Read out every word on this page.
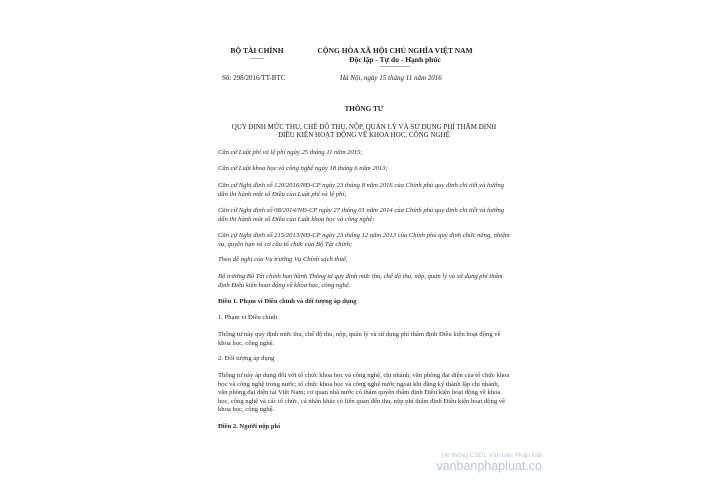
BỘ TÀI CHÍNH
-------
CỘNG HÒA XÃ HỘI CHỦ NGHĨA VIỆT NAM
Độc lập - Tự do - Hạnh phúc
---------------
Số: 298/2016/TT-BTC	Hà Nội, ngày 15 tháng 11 năm 2016
THÔNG TƯ
QUY ĐỊNH MỨC THU, CHẾ ĐỘ THU, NỘP, QUẢN LÝ VÀ SỬ DỤNG PHÍ THẨM ĐỊNH
ĐIỀU KIỆN HOẠT ĐỘNG VỀ KHOA HỌC, CÔNG NGHỆ
Căn cứ Luật phí và lệ phí ngày 25 tháng 11 năm 2015;
Căn cứ Luật khoa học và công nghệ ngày 18 tháng 6 năm 2013;
Căn cứ Nghị định số 120/2016/NĐ-CP ngày 23 tháng 8 năm 2016 của Chính phủ quy định chi tiết và hướng dẫn thi hành một số Điều của Luật phí và lệ phí;
Căn cứ Nghị định số 08/2014/NĐ-CP ngày 27 tháng 01 năm 2014 của Chính phủ quy định chi tiết và hướng dẫn thi hành một số Điều của Luật khoa học và công nghệ;
Căn cứ Nghị định số 215/2013/NĐ-CP ngày 23 tháng 12 năm 2013 của Chính phủ quy định chức năng, nhiệm vụ, quyền hạn và cơ cấu tổ chức của Bộ Tài chính;
Theo đề nghị của Vụ trưởng Vụ Chính sách thuế,
Bộ trưởng Bộ Tài chính ban hành Thông tư quy định mức thu, chế độ thu, nộp, quản lý và sử dụng phí thẩm định Điều kiện hoạt động về khoa học, công nghệ.
Điều 1. Phạm vi Điều chỉnh và đối tượng áp dụng
1. Phạm vi Điều chỉnh
Thông tư này quy định mức thu, chế độ thu, nộp, quản lý và sử dụng phí thẩm định Điều kiện hoạt động về khoa học, công nghệ.
2. Đối tượng áp dụng
Thông tư này áp dụng đối với tổ chức khoa học và công nghệ, chi nhánh, văn phòng đại diện của tổ chức khoa học và công nghệ trong nước; tổ chức khoa học và công nghệ nước ngoài khi đăng ký thành lập chi nhánh, văn phòng đại diện tại Việt Nam; cơ quan nhà nước có thẩm quyền thẩm định Điều kiện hoạt động về khoa học, công nghệ và các tổ chức, cá nhân khác có liên quan đến thu, nộp phí thẩm định Điều kiện hoạt động về khoa học, công nghệ.
Điều 2. Người nộp phí
Hệ thống CSDL Văn bản Pháp luật
vanbanphapluat.co
